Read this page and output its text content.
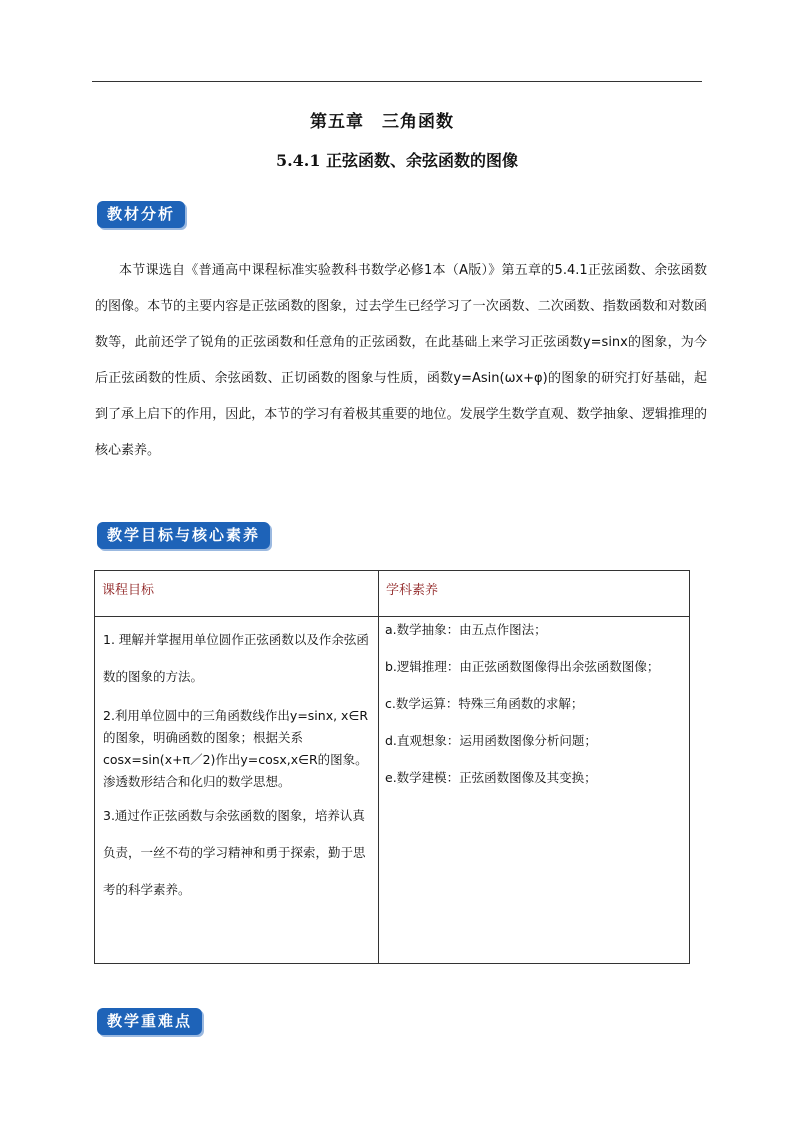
第五章　三角函数
5.4.1 正弦函数、余弦函数的图像
教材分析
本节课选自《普通高中课程标准实验教科书数学必修1本（A版）》第五章的5.4.1正弦函数、余弦函数的图像。本节的主要内容是正弦函数的图象，过去学生已经学习了一次函数、二次函数、指数函数和对数函数等，此前还学了锐角的正弦函数和任意角的正弦函数，在此基础上来学习正弦函数y=sinx的图象，为今后正弦函数的性质、余弦函数、正切函数的图象与性质，函数y=Asin(ωx+φ)的图象的研究打好基础，起到了承上启下的作用，因此，本节的学习有着极其重要的地位。发展学生数学直观、数学抽象、逻辑推理的核心素养。
教学目标与核心素养
课程目标	学科素养
1. 理解并掌握用单位圆作正弦函数以及作余弦函数的图象的方法。
2.利用单位圆中的三角函数线作出y=sinx, x∈R的图象，明确函数的图象；根据关系cosx=sin(x+π／2)作出y=cosx,x∈R的图象。渗透数形结合和化归的数学思想。
3.通过作正弦函数与余弦函数的图象，培养认真负责，一丝不苟的学习精神和勇于探索，勤于思考的科学素养。
a.数学抽象：由五点作图法；
b.逻辑推理：由正弦函数图像得出余弦函数图像；
c.数学运算：特殊三角函数的求解；
d.直观想象：运用函数图像分析问题；
e.数学建模：正弦函数图像及其变换；
教学重难点
